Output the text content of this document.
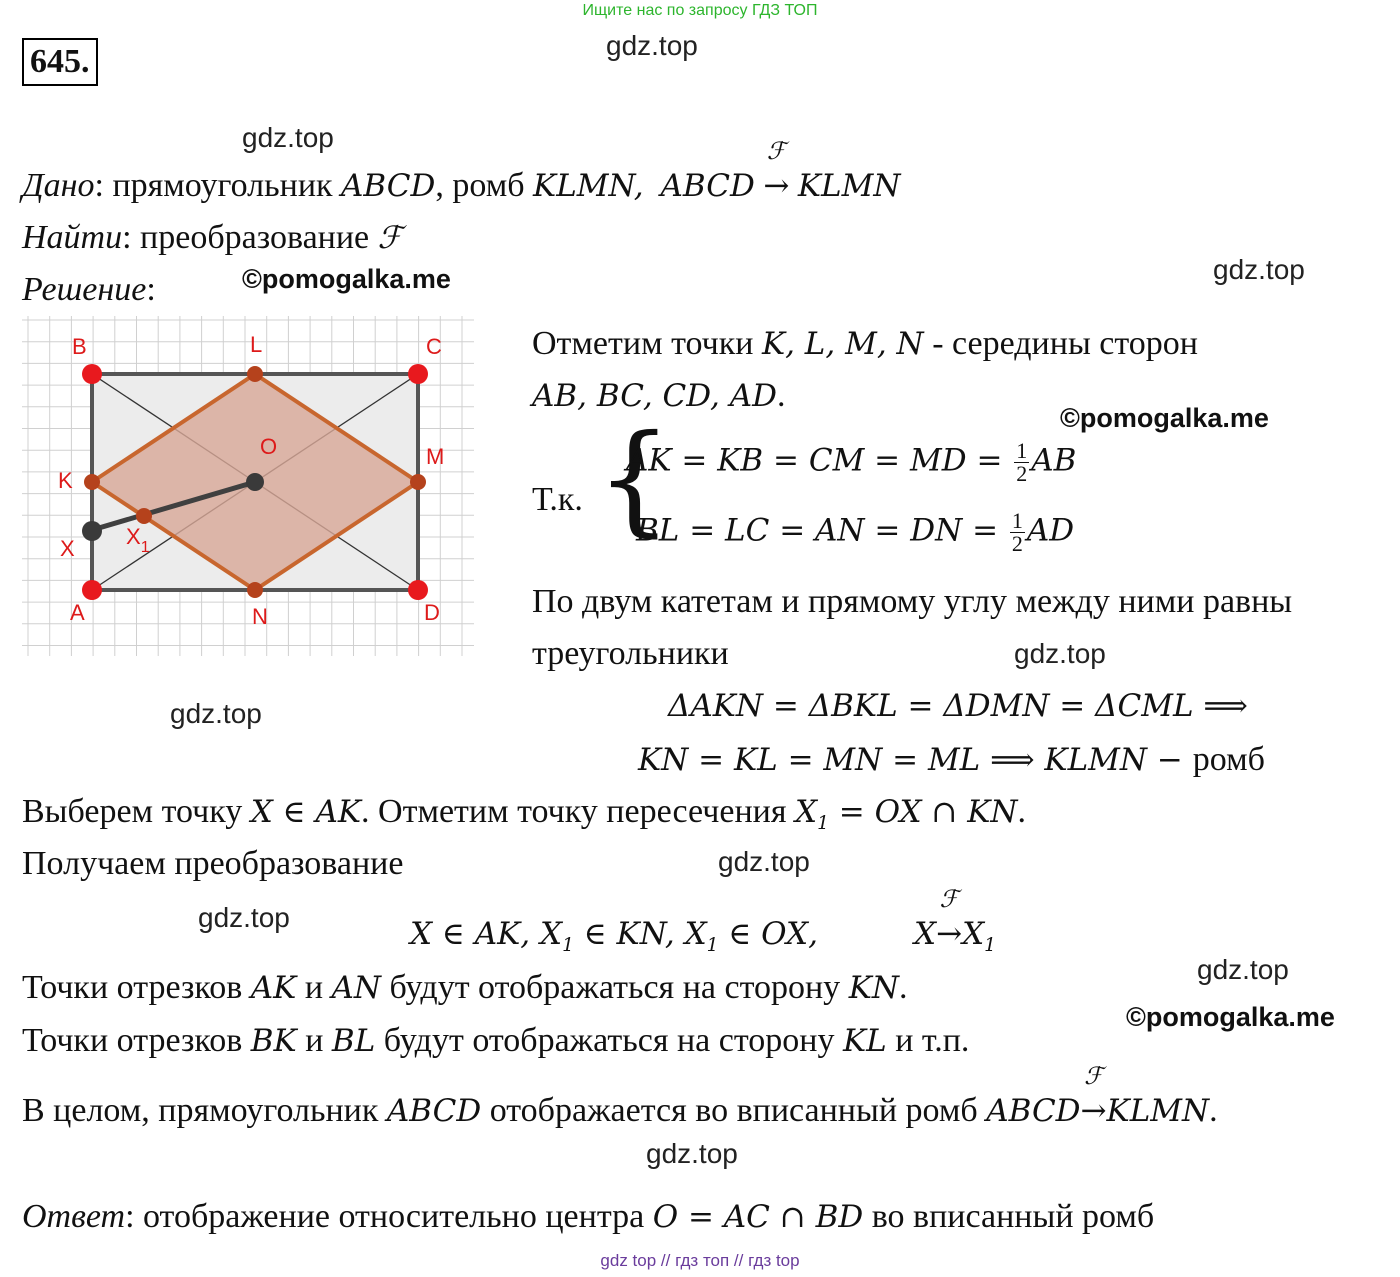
Ищите нас по запросу ГДЗ ТОП
645.	gdz.top
gdz.top
gdz.top
©pomogalka.me
©pomogalka.me
gdz.top
gdz.top
gdz.top
gdz.top
gdz.top
©pomogalka.me
gdz.top
Дано: прямоугольник ABCD, ромб KLMN, ABCD
ℱ
→ KLMN
Найти: преобразование ℱ
Решение:
B	L	C
O	M
K
X $X_1$
A	N	D
Отметим точки K, L, M, N - середины сторон
AB, BC, CD, AD.
Т.к. {
AK = KB = CM = MD = $\frac{1}{2}$ AB
BL = LC = AN = DN = $\frac{1}{2}$ AD
По двум катетам и прямому углу между ними равны
треугольники
ΔAKN = ΔBKL = ΔDMN = ΔCML ⟹
KN = KL = MN = ML ⟹ KLMN − ромб
Выберем точку X ∈ AK. Отметим точку пересечения $X_1$ = OX ∩ KN.
Получаем преобразование
X ∈ AK, $X_1$ ∈ KN, $X_1$ ∈ OX,	X
ℱ
$\to X_1$
Точки отрезков AK и AN будут отображаться на сторону KN.
Точки отрезков BK и BL будут отображаться на сторону KL и т.п.
В целом, прямоугольник ABCD отображается во вписанный ромб ABCD
ℱ
→KLMN.
Ответ: отображение относительно центра O = AC ∩ BD во вписанный ромб
gdz top // гдз топ // гдз top
